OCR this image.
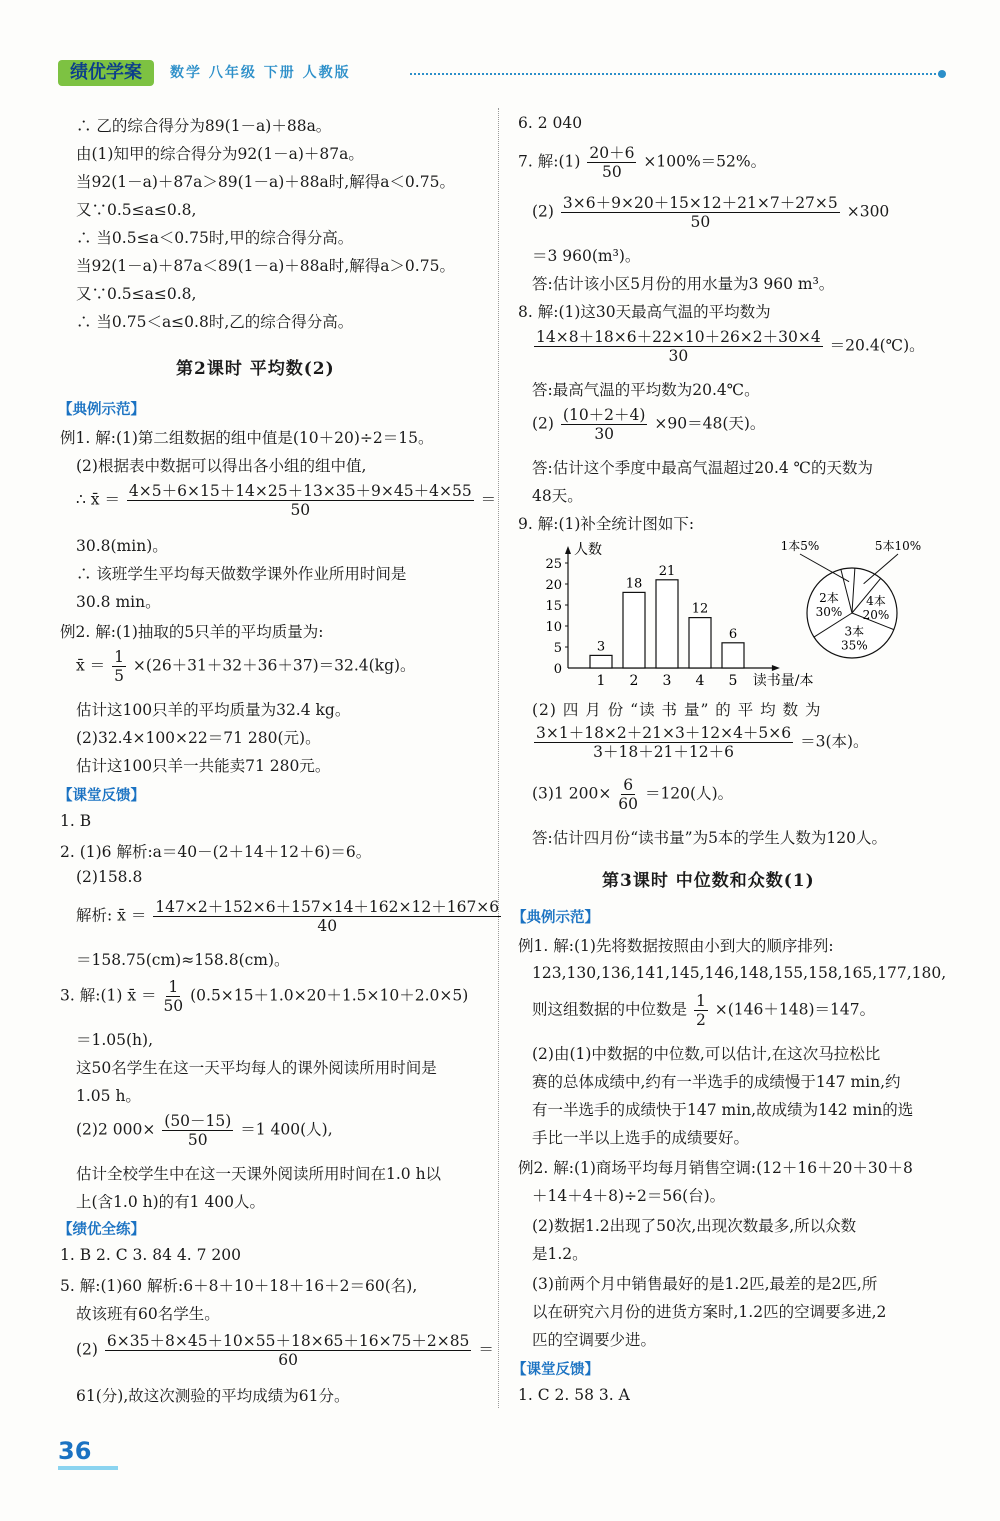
绩优学案	数学 八年级 下册 人教版
∴ 乙的综合得分为89(1－a)＋88a。
由(1)知甲的综合得分为92(1－a)＋87a。
当92(1－a)＋87a＞89(1－a)＋88a时,解得a＜0.75。
又∵0.5≤a≤0.8,
∴ 当0.5≤a＜0.75时,甲的综合得分高。
当92(1－a)＋87a＜89(1－a)＋88a时,解得a＞0.75。
又∵0.5≤a≤0.8,
∴ 当0.75＜a≤0.8时,乙的综合得分高。
第2课时 平均数(2)
【典例示范】
例1. 解:(1)第二组数据的组中值是(10＋20)÷2＝15。
(2)根据表中数据可以得出各小组的组中值,
∴ x̄ ＝ $\frac{4\times 5+6\times 15+14\times 25+13\times 35+9\times 45+4\times 55}{50}$ ＝
30.8(min)。
∴ 该班学生平均每天做数学课外作业所用时间是
30.8 min。
例2. 解:(1)抽取的5只羊的平均质量为:
x̄ ＝ $\frac{1}{5} \times(26+31+32+36+37)=32.4(kg)$。
估计这100只羊的平均质量为32.4 kg。
(2)32.4×100×22＝71 280(元)。
估计这100只羊一共能卖71 280元。
【课堂反馈】
1. B
2. (1)6 解析:a＝40－(2＋14＋12＋6)＝6。
(2)158.8
解析: x̄ ＝ $\frac{147\times 2+152\times 6+157\times 14+162\times 12+167\times 6}{40}$
＝158.75(cm)≈158.8(cm)。
3. 解:(1) x̄ ＝ $\frac{1}{50} (0.5\times 15+1.0\times 20+1.5\times 10+2.0\times 5)$
＝1.05(h),
这50名学生在这一天平均每人的课外阅读所用时间是
1.05 h。
(2)2 $000\times \frac{(50-15)}{50} =1$ 400(人),
估计全校学生中在这一天课外阅读所用时间在1.0 h以
上(含1.0 h)的有1 400人。
【绩优全练】
1. B 2. C 3. 84 4. 7 200
5. 解:(1)60 解析:6＋8＋10＋18＋16＋2＝60(名),
故该班有60名学生。
$(2) \frac{6\times 35+8\times 45+10\times 55+18\times 65+16\times 75+2\times 85}{60}$ ＝
61(分),故这次测验的平均成绩为61分。
6. 2 040
7. 解:(1) $\frac{20+6}{50} \times 100\%=52\%$。
$(2) \frac{3\times 6+9\times 20+15\times 12+21\times 7+27\times 5}{50} \times 300$
＝3 960(m³)。
答:估计该小区5月份的用水量为3 960 m³。
8. 解:(1)这30天最高气温的平均数为
$\frac{14\times 8+18\times 6+22\times 10+26\times 2+30\times 4}{30}$ ＝20.4(℃)。
答:最高气温的平均数为20.4℃。
$(2) \frac{(10+2+4)}{30} \times 90=48$(天)。
答:估计这个季度中最高气温超过20.4 ℃的天数为
48天。
9. 解:(1)补全统计图如下:
人数
读书量/本
0
5
10
15
20
25
3
1
18
2
21
3
12
4
6
5
1本5%	5本10%
4本
20%
3本
35%
2本
30%
(2) 四 月 份 “读 书 量” 的 平 均 数 为
$\frac{3\times 1+18\times 2+21\times 3+12\times 4+5\times 6}{3+18+21+12+6} =3$(本)。
(3)1 $200\times \frac{6}{60} =120$(人)。
答:估计四月份“读书量”为5本的学生人数为120人。
第3课时 中位数和众数(1)
【典例示范】
例1. 解:(1)先将数据按照由小到大的顺序排列:
123,130,136,141,145,146,148,155,158,165,177,180,
则这组数据的中位数是 $\frac{1}{2} \times(146+148)=147$。
(2)由(1)中数据的中位数,可以估计,在这次马拉松比
赛的总体成绩中,约有一半选手的成绩慢于147 min,约
有一半选手的成绩快于147 min,故成绩为142 min的选
手比一半以上选手的成绩要好。
例2. 解:(1)商场平均每月销售空调:(12＋16＋20＋30＋8
＋14＋4＋8)÷2＝56(台)。
(2)数据1.2出现了50次,出现次数最多,所以众数
是1.2。
(3)前两个月中销售最好的是1.2匹,最差的是2匹,所
以在研究六月份的进货方案时,1.2匹的空调要多进,2
匹的空调要少进。
【课堂反馈】
1. C 2. 58 3. A
36
